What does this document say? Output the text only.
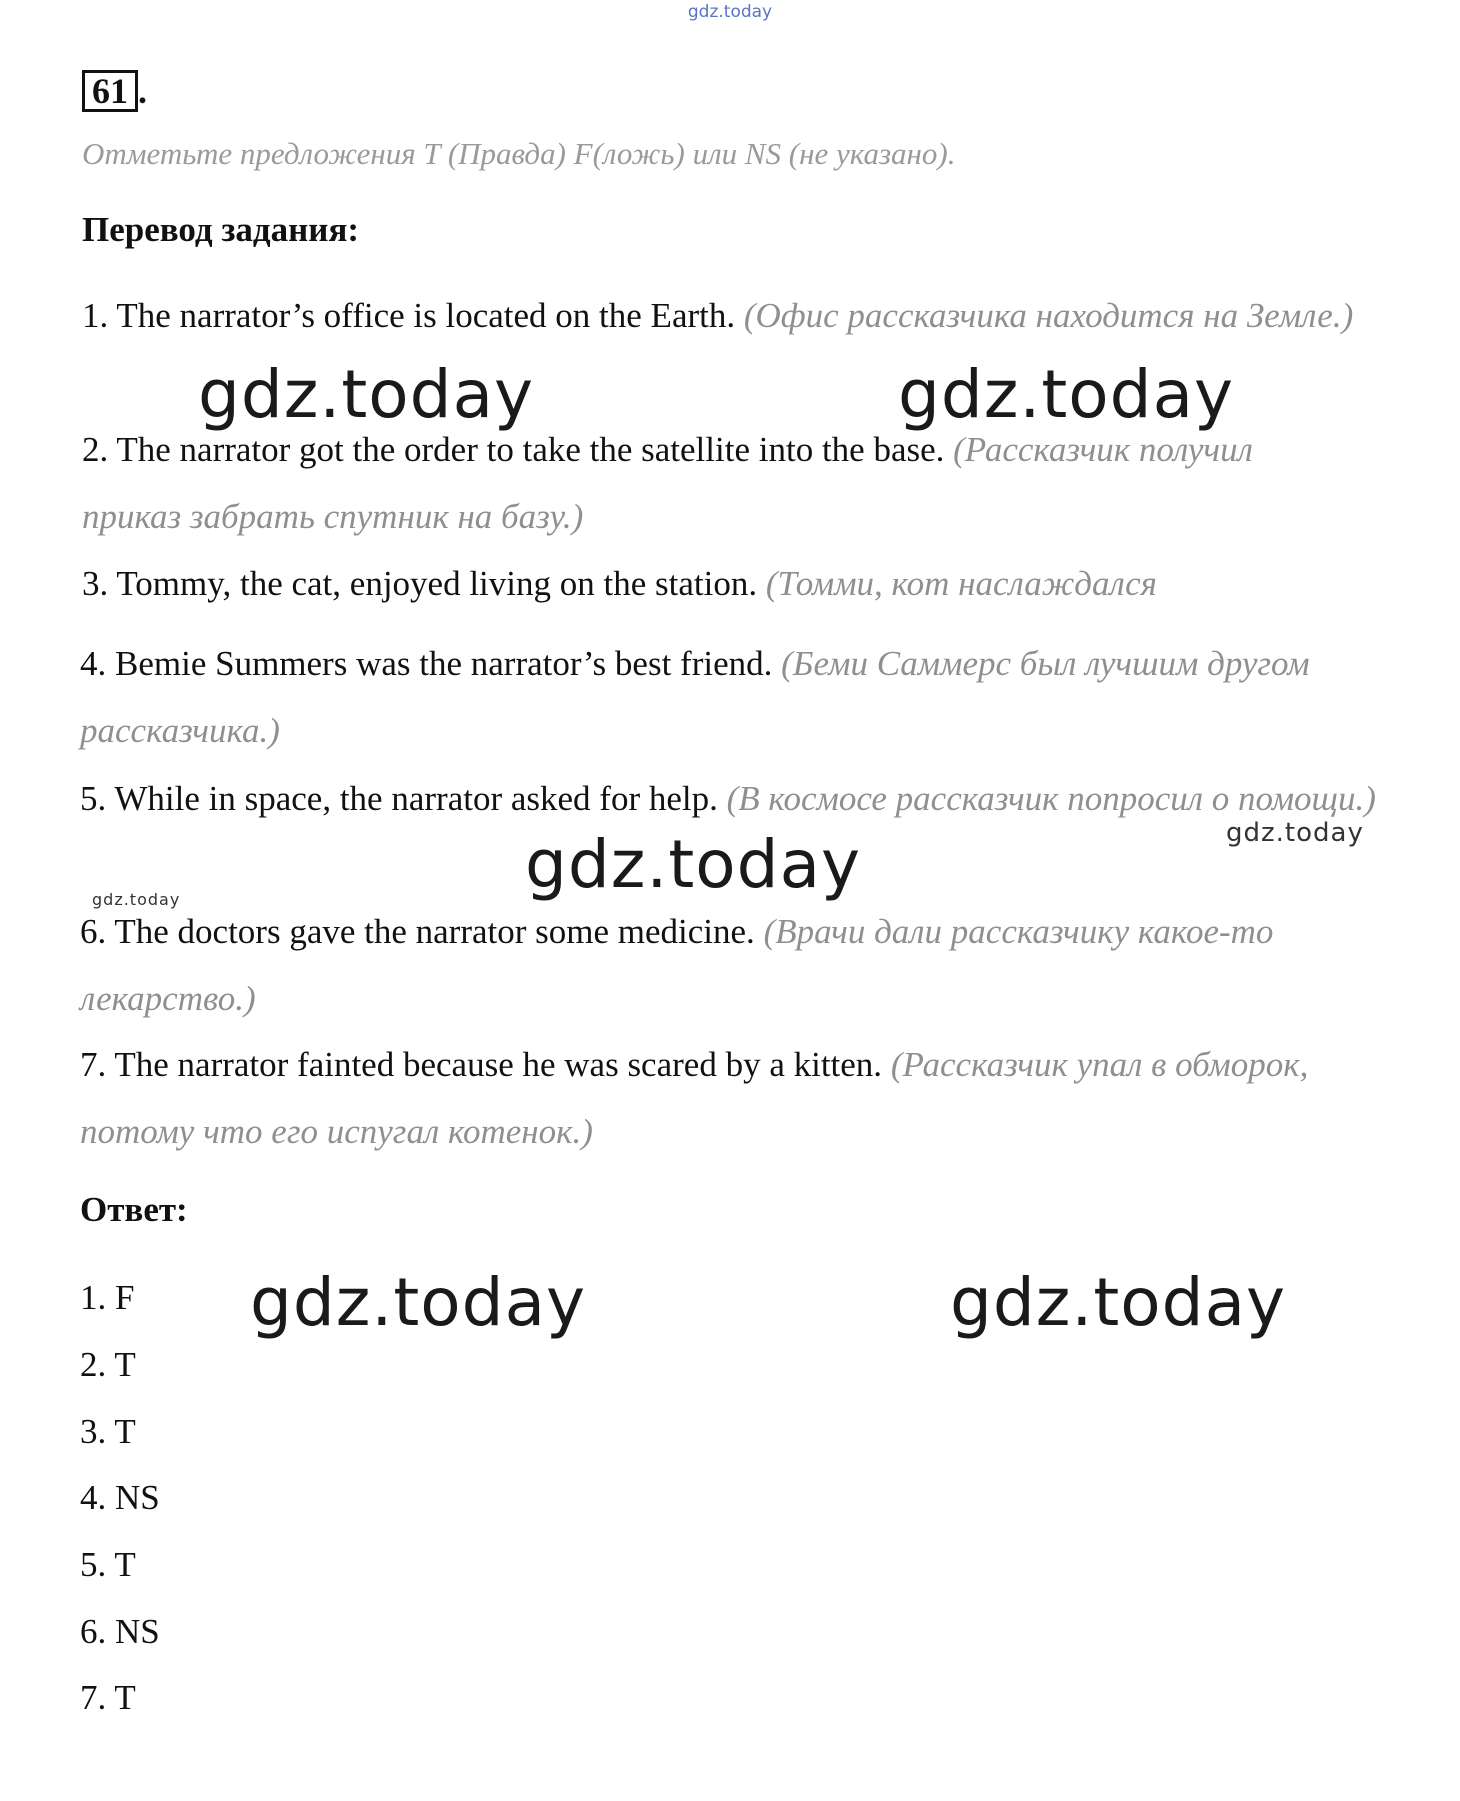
gdz.today
61 .
Отметьте предложения T (Правда) F(ложь) или NS (не указано).
Перевод задания:
1. The narrator’s office is located on the Earth. (Офис рассказчика находится на Земле.)
2. The narrator got the order to take the satellite into the base. (Рассказчик получил приказ забрать спутник на базу.)
3. Tommy, the cat, enjoyed living on the station. (Томми, кот наслаждался
4. Bemie Summers was the narrator’s best friend. (Беми Саммерс был лучшим другом рассказчика.)
5. While in space, the narrator asked for help. (В космосе рассказчик попросил о помощи.)
6. The doctors gave the narrator some medicine. (Врачи дали рассказчику какое-то лекарство.)
7. The narrator fainted because he was scared by a kitten. (Рассказчик упал в обморок, потому что его испугал котенок.)
Ответ:
1. F
2. T
3. T
4. NS
5. T
6. NS
7. T
gdz.today	gdz.today
gdz.today
gdz.today	gdz.today
gdz.today	gdz.today
